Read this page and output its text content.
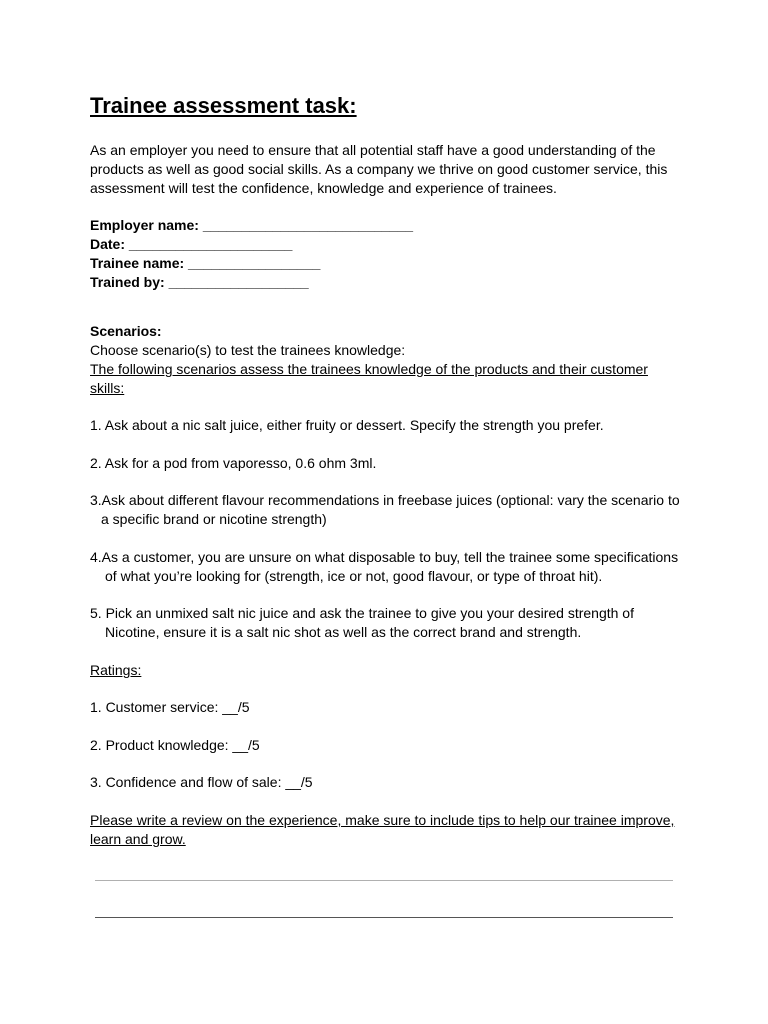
Trainee assessment task:

As an employer you need to ensure that all potential staff have a good understanding of the

products as well as good social skills. As a company we thrive on good customer service, this

assessment will test the confidence, knowledge and experience of trainees.

Employer name: ___________________________

Date: _____________________

Trainee name: _________________

Trained by: __________________

Scenarios:

Choose scenario(s) to test the trainees knowledge:

The following scenarios assess the trainees knowledge of the products and their customer

skills:

1. Ask about a nic salt juice, either fruity or dessert. Specify the strength you prefer.

2. Ask for a pod from vaporesso, 0.6 ohm 3ml.

3.Ask about different flavour recommendations in freebase juices (optional: vary the scenario to

a specific brand or nicotine strength)

4.As a customer, you are unsure on what disposable to buy, tell the trainee some specifications

of what you’re looking for (strength, ice or not, good flavour, or type of throat hit).

5. Pick an unmixed salt nic juice and ask the trainee to give you your desired strength of

Nicotine, ensure it is a salt nic shot as well as the correct brand and strength.

Ratings:

1. Customer service: __/5

2. Product knowledge: __/5

3. Confidence and flow of sale: __/5

Please write a review on the experience, make sure to include tips to help our trainee improve,

learn and grow.
